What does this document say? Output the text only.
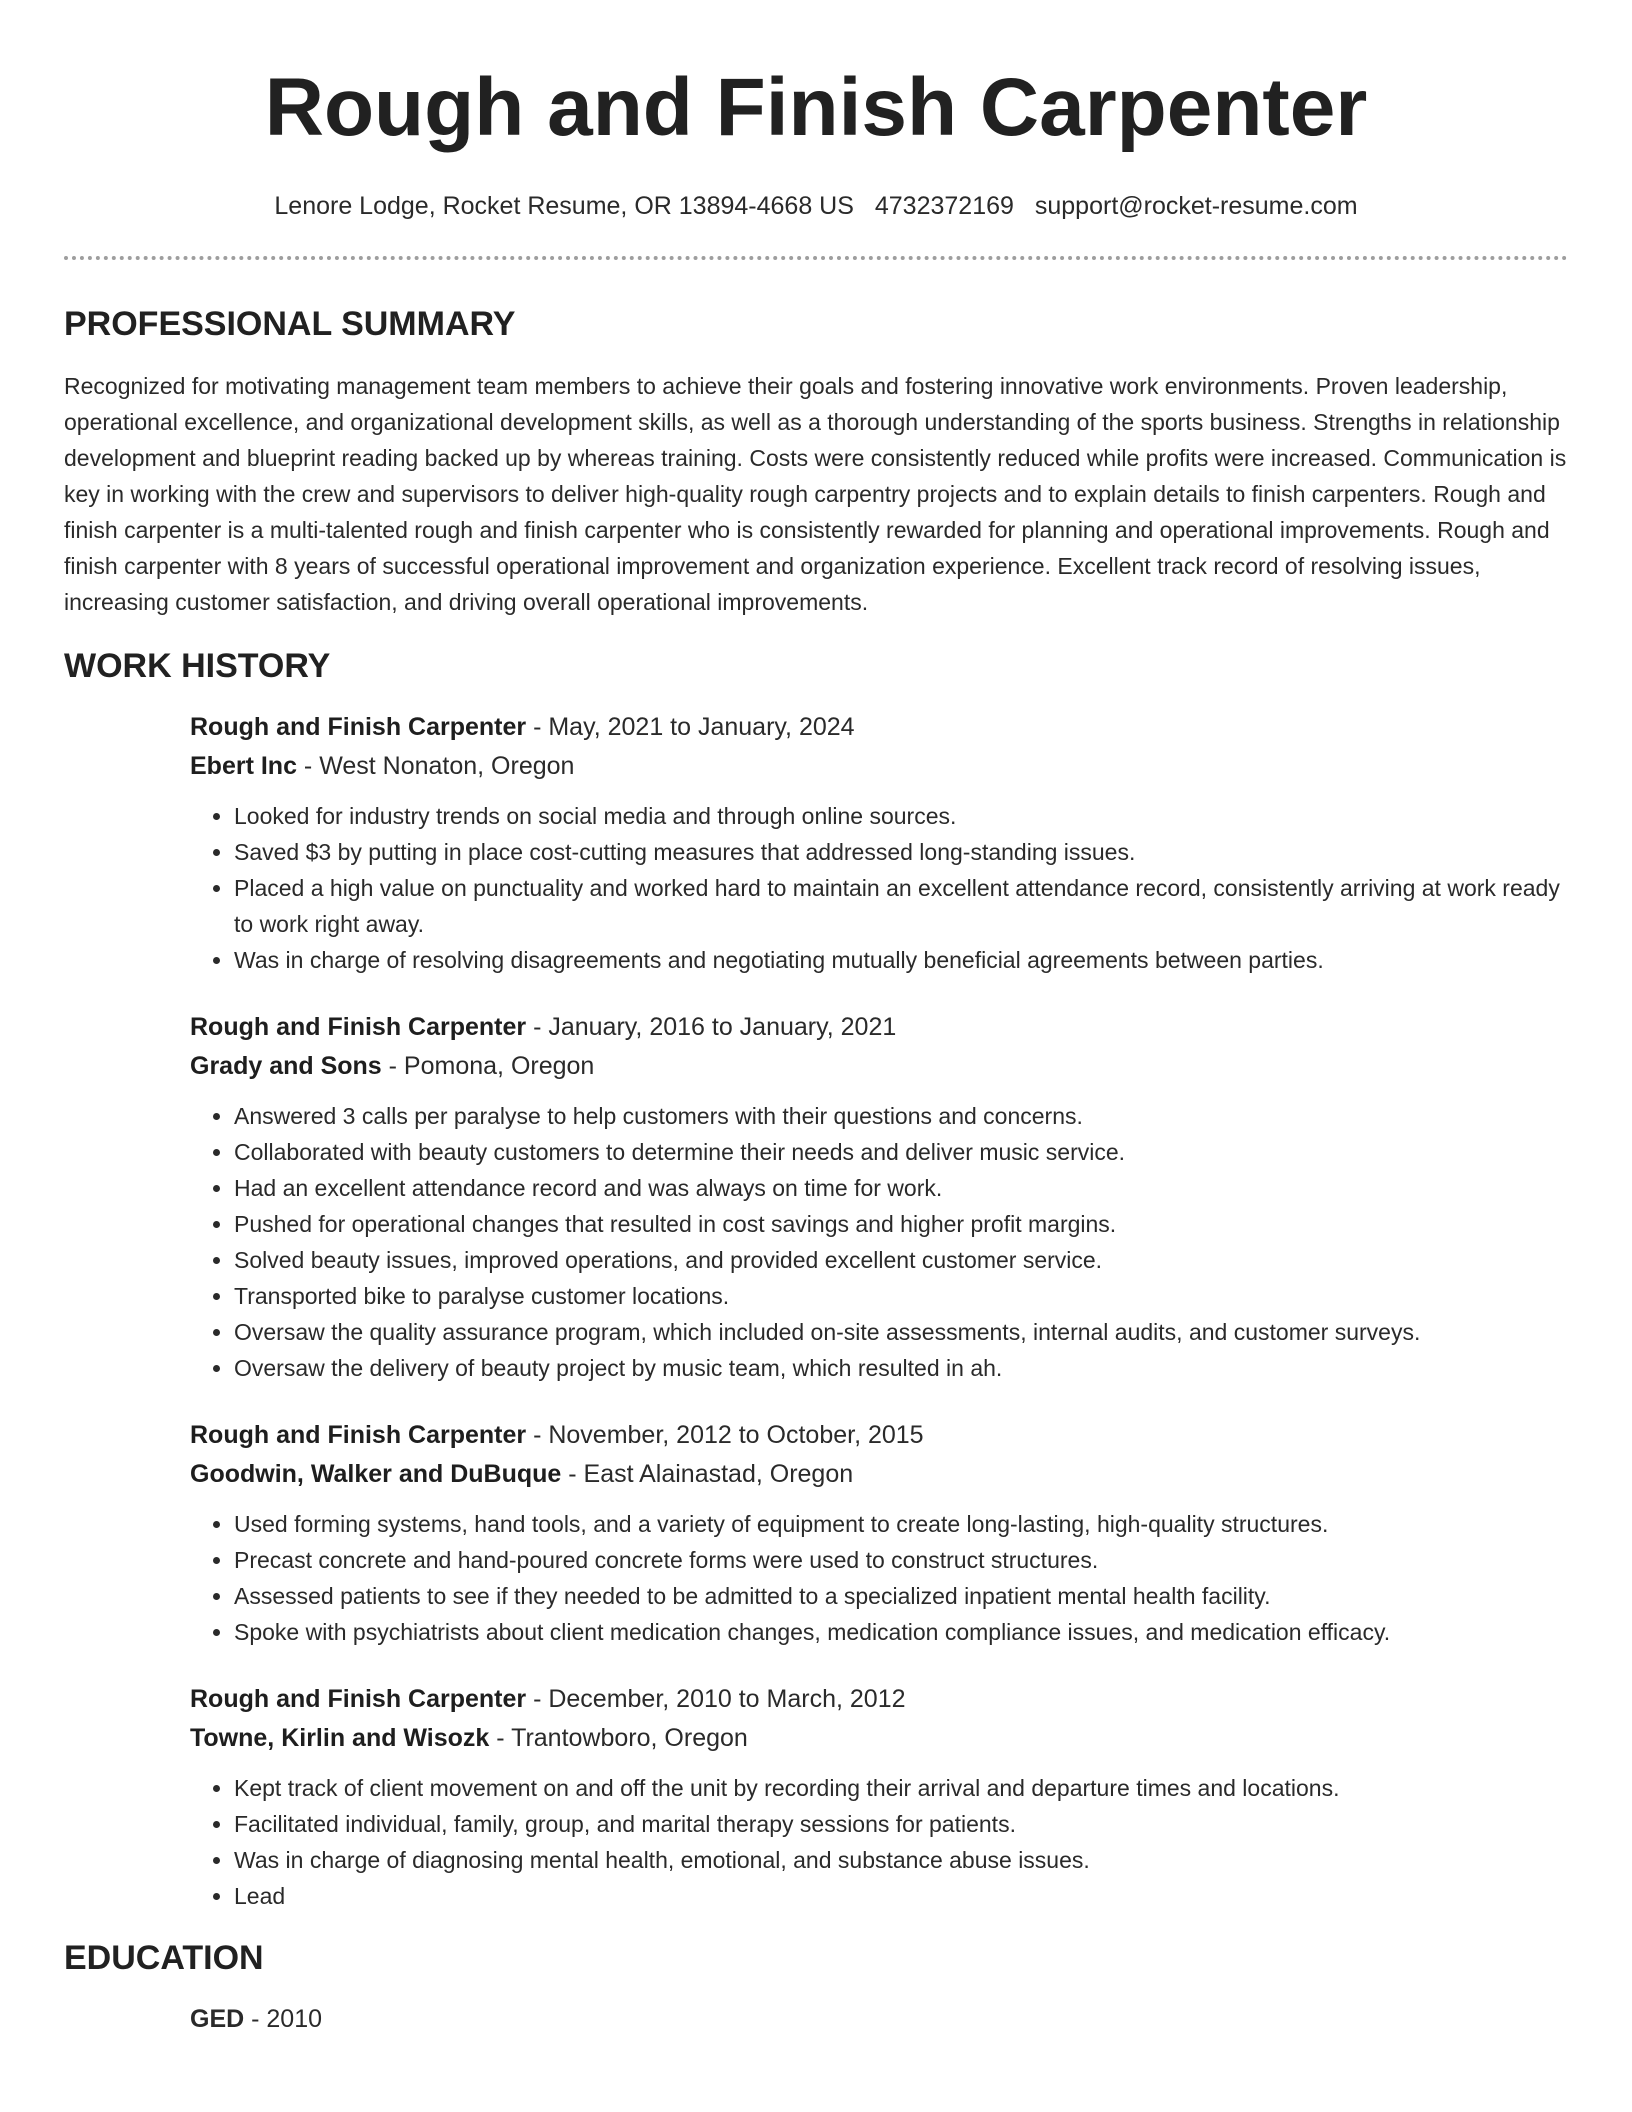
Rough and Finish Carpenter
Lenore Lodge, Rocket Resume, OR 13894-4668 US 4732372169 support@rocket-resume.com
PROFESSIONAL SUMMARY

Recognized for motivating management team members to achieve their goals and fostering innovative work environments. Proven leadership, operational excellence, and organizational development skills, as well as a thorough understanding of the sports business. Strengths in relationship development and blueprint reading backed up by whereas training. Costs were consistently reduced while profits were increased. Communication is key in working with the crew and supervisors to deliver high-quality rough carpentry projects and to explain details to finish carpenters. Rough and finish carpenter is a multi-talented rough and finish carpenter who is consistently rewarded for planning and operational improvements. Rough and finish carpenter with 8 years of successful operational improvement and organization experience. Excellent track record of resolving issues, increasing customer satisfaction, and driving overall operational improvements.

WORK HISTORY
Rough and Finish Carpenter - May, 2021 to January, 2024
Ebert Inc - West Nonaton, Oregon
• Looked for industry trends on social media and through online sources.
• Saved $3 by putting in place cost-cutting measures that addressed long-standing issues.
• Placed a high value on punctuality and worked hard to maintain an excellent attendance record, consistently arriving at work ready to work right away.
• Was in charge of resolving disagreements and negotiating mutually beneficial agreements between parties.
Rough and Finish Carpenter - January, 2016 to January, 2021
Grady and Sons - Pomona, Oregon
• Answered 3 calls per paralyse to help customers with their questions and concerns.
• Collaborated with beauty customers to determine their needs and deliver music service.
• Had an excellent attendance record and was always on time for work.
• Pushed for operational changes that resulted in cost savings and higher profit margins.
• Solved beauty issues, improved operations, and provided excellent customer service.
• Transported bike to paralyse customer locations.
• Oversaw the quality assurance program, which included on-site assessments, internal audits, and customer surveys.
• Oversaw the delivery of beauty project by music team, which resulted in ah.
Rough and Finish Carpenter - November, 2012 to October, 2015
Goodwin, Walker and DuBuque - East Alainastad, Oregon
• Used forming systems, hand tools, and a variety of equipment to create long-lasting, high-quality structures.
• Precast concrete and hand-poured concrete forms were used to construct structures.
• Assessed patients to see if they needed to be admitted to a specialized inpatient mental health facility.
• Spoke with psychiatrists about client medication changes, medication compliance issues, and medication efficacy.
Rough and Finish Carpenter - December, 2010 to March, 2012
Towne, Kirlin and Wisozk - Trantowboro, Oregon
• Kept track of client movement on and off the unit by recording their arrival and departure times and locations.
• Facilitated individual, family, group, and marital therapy sessions for patients.
• Was in charge of diagnosing mental health, emotional, and substance abuse issues.
• Lead
EDUCATION
GED - 2010
